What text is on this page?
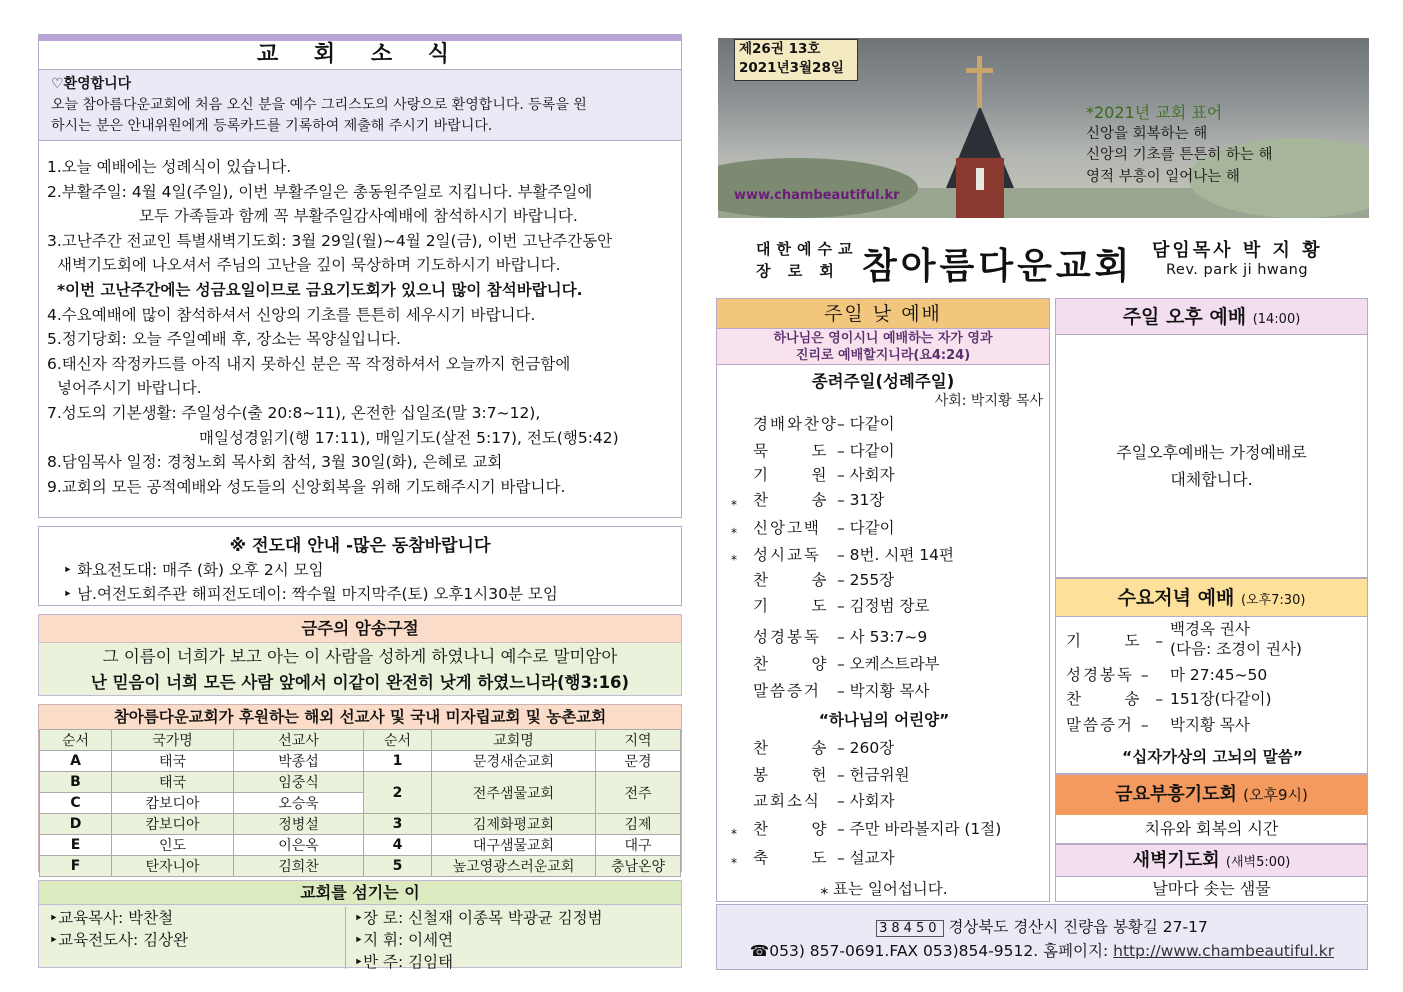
교 회 소 식
♡환영합니다
오늘 참아름다운교회에 처음 오신 분을 예수 그리스도의 사랑으로 환영합니다. 등록을 원
하시는 분은 안내위원에게 등록카드를 기록하여 제출해 주시기 바랍니다.

1.오늘 예배에는 성례식이 있습니다.

2.부활주일: 4월 4일(주일), 이번 부활주일은 총동원주일로 지킵니다. 부활주일에

모두 가족들과 함께 꼭 부활주일감사예배에 참석하시기 바랍니다.

3.고난주간 전교인 특별새벽기도회: 3월 29일(월)~4월 2일(금), 이번 고난주간동안

새벽기도회에 나오셔서 주님의 고난을 깊이 묵상하며 기도하시기 바랍니다.

*이번 고난주간에는 성금요일이므로 금요기도회가 있으니 많이 참석바랍니다.

4.수요예배에 많이 참석하셔서 신앙의 기초를 튼튼히 세우시기 바랍니다.

5.정기당회: 오늘 주일예배 후, 장소는 목양실입니다.

6.태신자 작정카드를 아직 내지 못하신 분은 꼭 작정하셔서 오늘까지 헌금함에

넣어주시기 바랍니다.

7.성도의 기본생활: 주일성수(출 20:8~11), 온전한 십일조(말 3:7~12),

매일성경읽기(행 17:11), 매일기도(살전 5:17), 전도(행5:42)

8.담임목사 일정: 경청노회 목사회 참석, 3월 30일(화), 은혜로 교회

9.교회의 모든 공적예배와 성도들의 신앙회복을 위해 기도해주시기 바랍니다.

※ 전도대 안내 -많은 동참바랍니다
‣ 화요전도대: 매주 (화) 오후 2시 모임
‣ 남.여전도회주관 해피전도데이: 짝수월 마지막주(토) 오후1시30분 모임
금주의 암송구절
그 이름이 너희가 보고 아는 이 사람을 성하게 하였나니 예수로 말미암아
난 믿음이 너희 모든 사람 앞에서 이같이 완전히 낫게 하였느니라(행3:16)
참아름다운교회가 후원하는 해외 선교사 및 국내 미자립교회 및 농촌교회
순서	국가명	선교사	순서	교회명	지역
A	태국	박종섭	1	문경새순교회	문경
B	태국	임중식	2	전주샘물교회	전주
C	캄보디아	오승욱			
D	캄보디아	정병설	3	김제화평교회	김제
E	인도	이은옥	4	대구샘물교회	대구
F	탄자니아	김희찬	5	높고영광스러운교회	충남온양
교회를 섬기는 이
‣교육목사: 박찬철
‣교육전도사: 김상완
‣장 로: 신철재 이종목 박광균 김정범
‣지 휘: 이세연
‣반 주: 김임태
제26권 13호
2021년3월28일
*2021년 교회 표어
신앙을 회복하는 해
신앙의 기초를 튼튼히 하는 해
영적 부흥이 일어나는 해
www.chambeautiful.kr
대한예수교
장 로 회 참아름다운교회 담임목사 박 지 황
Rev. park ji hwang
주일 낮 예배
하나님은 영이시니 예배하는 자가 영과
진리로 예배할지니라(요4:24)
종려주일(성례주일)
사회: 박지황 목사
경배와찬양– 다같이
묵      도 – 다같이
기      원 – 사회자
⁎ 찬      송 – 31장
⁎ 신앙고백 – 다같이
⁎ 성시교독 – 8번. 시편 14편
찬      송 – 255장
기      도 – 김정범 장로
성경봉독 – 사 53:7~9
찬      양 – 오케스트라부
말씀증거 – 박지황 목사
“하나님의 어린양”
찬      송 – 260장
봉      헌 – 헌금위원
교회소식 – 사회자
⁎ 찬      양 – 주만 바라볼지라 (1절)
⁎ 축      도 – 설교자
⁎ 표는 일어섭니다.
주일 오후 예배 (14:00)
주일오후예배는 가정예배로
대체합니다.
수요저녁 예배 (오후7:30)
기      도  –백경옥 권사
(다음: 조경이 권사)
성경봉독 – 마 27:45~50
찬      송  – 151장(다같이)
말씀증거 – 박지황 목사
“십자가상의 고뇌의 말씀”
금요부흥기도회 (오후9시)
치유와 회복의 시간
새벽기도회 (새벽5:00)
날마다 솟는 샘물
38450 경상북도 경산시 진량읍 봉황길 27-17
☎053) 857-0691.FAX 053)854-9512. 홈페이지: http://www.chambeautiful.kr
